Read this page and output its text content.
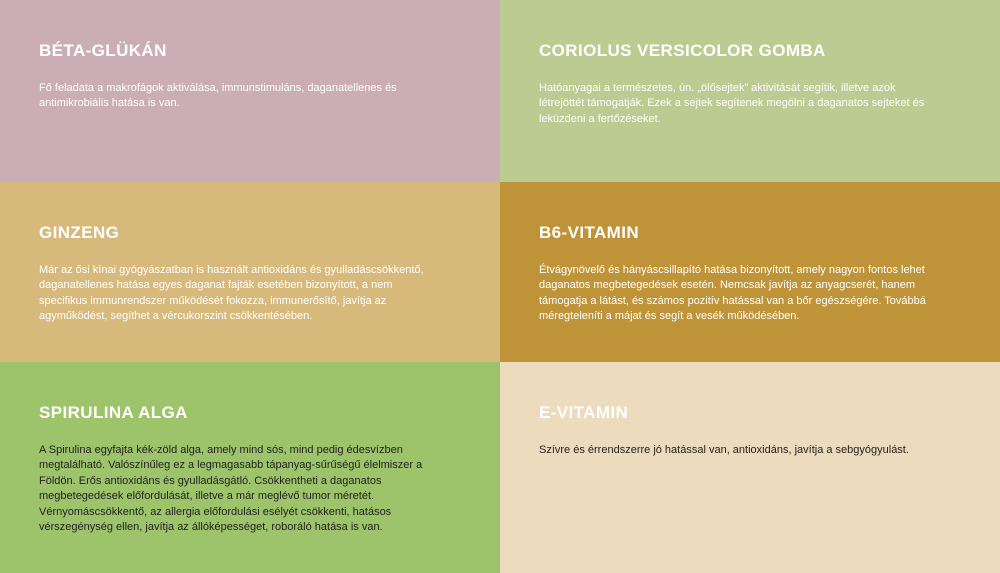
BÉTA-GLÜKÁN

Fő feladata a makrofágok aktiválása, immunstimuláns, daganatellenes és antimikrobiális hatása is van.

CORIOLUS VERSICOLOR GOMBA

Hatóanyagai a természetes, ún. „ölősejtek” aktivitását segítik, illetve azok létrejöttét támogatják. Ezek a sejtek segítenek megölni a daganatos sejteket és leküzdeni a fertőzéseket.

GINZENG

Már az ősi kínai gyógyászatban is használt antioxidáns és gyulladáscsökkentő, daganatellenes hatása egyes daganat fajták esetében bizonyított, a nem specifikus immunrendszer működését fokozza, immunerősítő, javítja az agyműködést, segíthet a vércukorszint csökkentésében.

B6-VITAMIN

Étvágynövelő és hányáscsillapító hatása bizonyított, amely nagyon fontos lehet daganatos megbetegedések esetén. Nemcsak javítja az anyagcserét, hanem támogatja a látást, és számos pozitív hatással van a bőr egészségére. Továbbá méregteleníti a májat és segít a vesék működésében.

SPIRULINA ALGA

A Spirulina egyfajta kék-zöld alga, amely mind sós, mind pedig édesvízben megtalálható. Valószínűleg ez a legmagasabb tápanyag-sűrűségű élelmiszer a Földön. Erős antioxidáns és gyulladásgátló. Csökkentheti a daganatos megbetegedések előfordulását, illetve a már meglévő tumor méretét. Vérnyomáscsökkentő, az allergia előfordulási esélyét csökkenti, hatásos vérszegénység ellen, javítja az állóképességet, roboráló hatása is van.

E-VITAMIN

Szívre és érrendszerre jó hatással van, antioxidáns, javítja a sebgyógyulást.
